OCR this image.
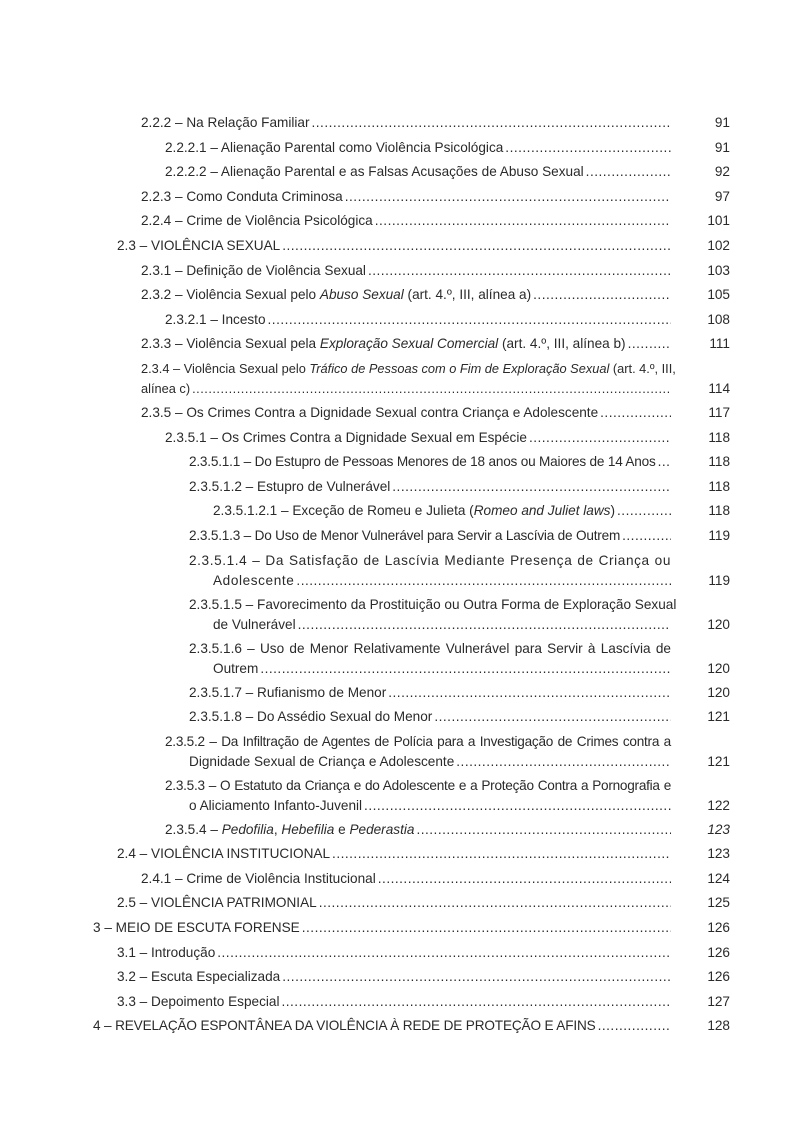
2.2.2 – Na Relação Familiar .....	91
2.2.2.1 – Alienação Parental como Violência Psicológica .....	91
2.2.2.2 – Alienação Parental e as Falsas Acusações de Abuso Sexual .....	92
2.2.3 – Como Conduta Criminosa .....	97
2.2.4 – Crime de Violência Psicológica .....	101
2.3 – VIOLÊNCIA SEXUAL .....	102
2.3.1 – Definição de Violência Sexual .....	103
2.3.2 – Violência Sexual pelo Abuso Sexual (art. 4.º, III, alínea a) .....	105
2.3.2.1 – Incesto .....	108
2.3.3 – Violência Sexual pela Exploração Sexual Comercial (art. 4.º, III, alínea b) .....	111
2.3.4 – Violência Sexual pelo Tráfico de Pessoas com o Fim de Exploração Sexual (art. 4.º, III,
alínea c) .....	114
2.3.5 – Os Crimes Contra a Dignidade Sexual contra Criança e Adolescente .....	117
2.3.5.1 – Os Crimes Contra a Dignidade Sexual em Espécie .....	118
2.3.5.1.1 – Do Estupro de Pessoas Menores de 18 anos ou Maiores de 14 Anos .....	118
2.3.5.1.2 – Estupro de Vulnerável .....	118
2.3.5.1.2.1 – Exceção de Romeu e Julieta (Romeo and Juliet laws) .....	118
2.3.5.1.3 – Do Uso de Menor Vulnerável para Servir a Lascívia de Outrem .....	119
2.3.5.1.4 – Da Satisfação de Lascívia Mediante Presença de Criança ou
Adolescente .....	119
2.3.5.1.5 – Favorecimento da Prostituição ou Outra Forma de Exploração Sexual
de Vulnerável .....	120
2.3.5.1.6 – Uso de Menor Relativamente Vulnerável para Servir à Lascívia de
Outrem .....	120
2.3.5.1.7 – Rufianismo de Menor .....	120
2.3.5.1.8 – Do Assédio Sexual do Menor .....	121
2.3.5.2 – Da Infiltração de Agentes de Polícia para a Investigação de Crimes contra a
Dignidade Sexual de Criança e Adolescente .....	121
2.3.5.3 – O Estatuto da Criança e do Adolescente e a Proteção Contra a Pornografia e
o Aliciamento Infanto-Juvenil .....	122
2.3.5.4 – Pedofilia, Hebefilia e Pederastia .....	123
2.4 – VIOLÊNCIA INSTITUCIONAL .....	123
2.4.1 – Crime de Violência Institucional .....	124
2.5 – VIOLÊNCIA PATRIMONIAL .....	125
3 – MEIO DE ESCUTA FORENSE .....	126
3.1 – Introdução .....	126
3.2 – Escuta Especializada .....	126
3.3 – Depoimento Especial .....	127
4 – REVELAÇÃO ESPONTÂNEA DA VIOLÊNCIA À REDE DE PROTEÇÃO E AFINS .....	128
